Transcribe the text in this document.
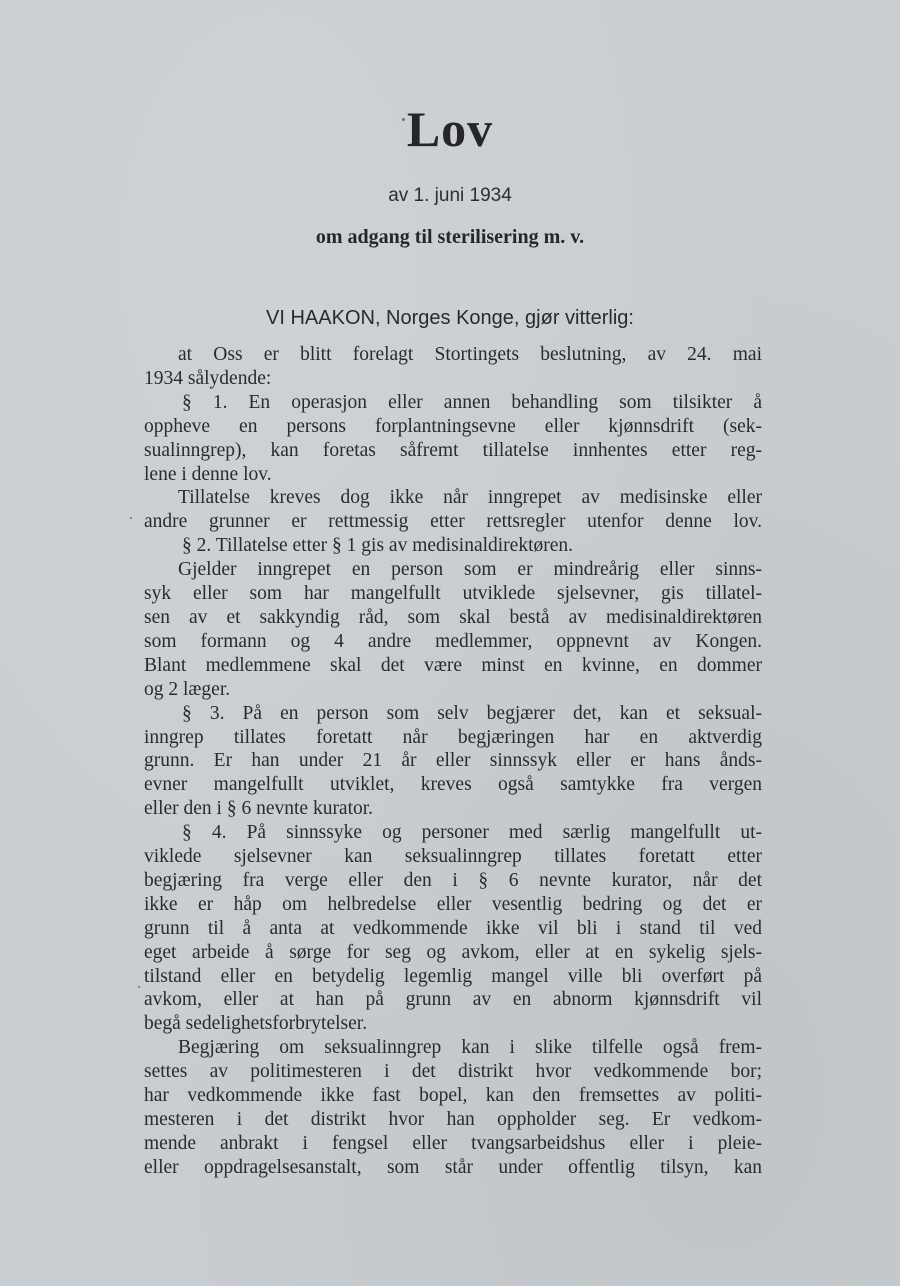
Lov

av 1. juni 1934

om adgang til sterilisering m. v.

VI HAAKON, Norges Konge, gjør vitterlig:

at Oss er blitt forelagt Stortingets beslutning, av 24. mai
1934 sålydende:
§ 1. En operasjon eller annen behandling som tilsikter å
oppheve en persons forplantningsevne eller kjønnsdrift (sek-
sualinngrep), kan foretas såfremt tillatelse innhentes etter reg-
lene i denne lov.
Tillatelse kreves dog ikke når inngrepet av medisinske eller
andre grunner er rettmessig etter rettsregler utenfor denne lov.
§ 2. Tillatelse etter § 1 gis av medisinaldirektøren.
Gjelder inngrepet en person som er mindreårig eller sinns-
syk eller som har mangelfullt utviklede sjelsevner, gis tillatel-
sen av et sakkyndig råd, som skal bestå av medisinaldirektøren
som formann og 4 andre medlemmer, oppnevnt av Kongen.
Blant medlemmene skal det være minst en kvinne, en dommer
og 2 læger.
§ 3. På en person som selv begjærer det, kan et seksual-
inngrep tillates foretatt når begjæringen har en aktverdig
grunn. Er han under 21 år eller sinnssyk eller er hans ånds-
evner mangelfullt utviklet, kreves også samtykke fra vergen
eller den i § 6 nevnte kurator.
§ 4. På sinnssyke og personer med særlig mangelfullt ut-
viklede sjelsevner kan seksualinngrep tillates foretatt etter
begjæring fra verge eller den i § 6 nevnte kurator, når det
ikke er håp om helbredelse eller vesentlig bedring og det er
grunn til å anta at vedkommende ikke vil bli i stand til ved
eget arbeide å sørge for seg og avkom, eller at en sykelig sjels-
tilstand eller en betydelig legemlig mangel ville bli overført på
avkom, eller at han på grunn av en abnorm kjønnsdrift vil
begå sedelighetsforbrytelser.
Begjæring om seksualinngrep kan i slike tilfelle også frem-
settes av politimesteren i det distrikt hvor vedkommende bor;
har vedkommende ikke fast bopel, kan den fremsettes av politi-
mesteren i det distrikt hvor han oppholder seg. Er vedkom-
mende anbrakt i fengsel eller tvangsarbeidshus eller i pleie-
eller oppdragelsesanstalt, som står under offentlig tilsyn, kan
